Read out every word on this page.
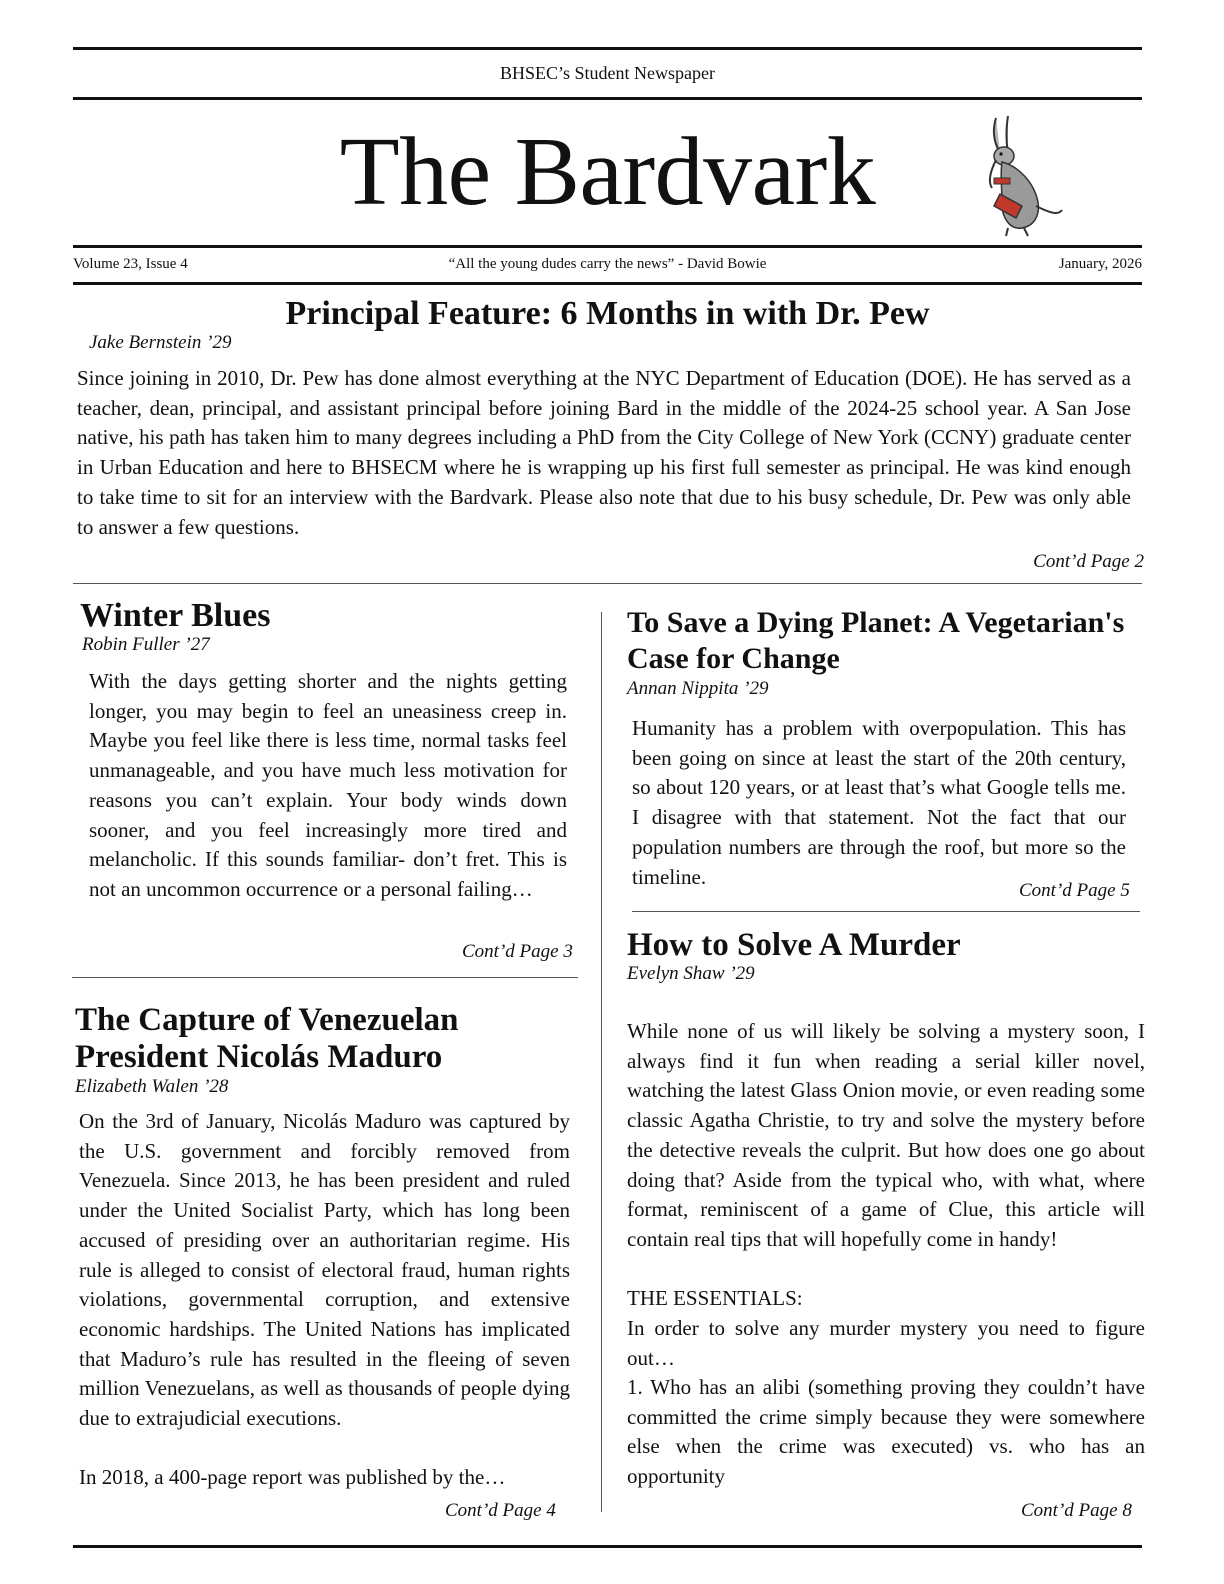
BHSEC’s Student Newspaper
The Bardvark
Volume 23, Issue 4	“All the young dudes carry the news” - David Bowie	January, 2026
Principal Feature: 6 Months in with Dr. Pew
Jake Bernstein ’29
Since joining in 2010, Dr. Pew has done almost everything at the NYC Department of Education (DOE). He has served as a teacher, dean, principal, and assistant principal before joining Bard in the middle of the 2024-25 school year. A San Jose native, his path has taken him to many degrees including a PhD from the City College of New York (CCNY) graduate center in Urban Education and here to BHSECM where he is wrapping up his first full semester as principal. He was kind enough to take time to sit for an interview with the Bardvark. Please also note that due to his busy schedule, Dr. Pew was only able to answer a few questions.
Cont’d Page 2
Winter Blues
Robin Fuller ’27
With the days getting shorter and the nights getting longer, you may begin to feel an uneasiness creep in. Maybe you feel like there is less time, normal tasks feel unmanageable, and you have much less motivation for reasons you can’t explain. Your body winds down sooner, and you feel increasingly more tired and melancholic. If this sounds familiar- don’t fret. This is not an uncommon occurrence or a personal failing…
Cont’d Page 3
The Capture of Venezuelan President Nicolás Maduro
Elizabeth Walen ’28
On the 3rd of January, Nicolás Maduro was captured by the U.S. government and forcibly removed from Venezuela. Since 2013, he has been president and ruled under the United Socialist Party, which has long been accused of presiding over an authoritarian regime. His rule is alleged to consist of electoral fraud, human rights violations, governmental corruption, and extensive economic hardships. The United Nations has implicated that Maduro’s rule has resulted in the fleeing of seven million Venezuelans, as well as thousands of people dying due to extrajudicial executions.
In 2018, a 400-page report was published by the…
Cont’d Page 4
To Save a Dying Planet: A Vegetarian's Case for Change
Annan Nippita ’29
Humanity has a problem with overpopulation. This has been going on since at least the start of the 20th century, so about 120 years, or at least that’s what Google tells me. I disagree with that statement. Not the fact that our population numbers are through the roof, but more so the timeline.
Cont’d Page 5
How to Solve A Murder
Evelyn Shaw ’29
While none of us will likely be solving a mystery soon, I always find it fun when reading a serial killer novel, watching the latest Glass Onion movie, or even reading some classic Agatha Christie, to try and solve the mystery before the detective reveals the culprit. But how does one go about doing that? Aside from the typical who, with what, where format, reminiscent of a game of Clue, this article will contain real tips that will hopefully come in handy!
THE ESSENTIALS:
In order to solve any murder mystery you need to figure out…
1. Who has an alibi (something proving they couldn’t have committed the crime simply because they were somewhere else when the crime was executed) vs. who has an opportunity
Cont’d Page 8
